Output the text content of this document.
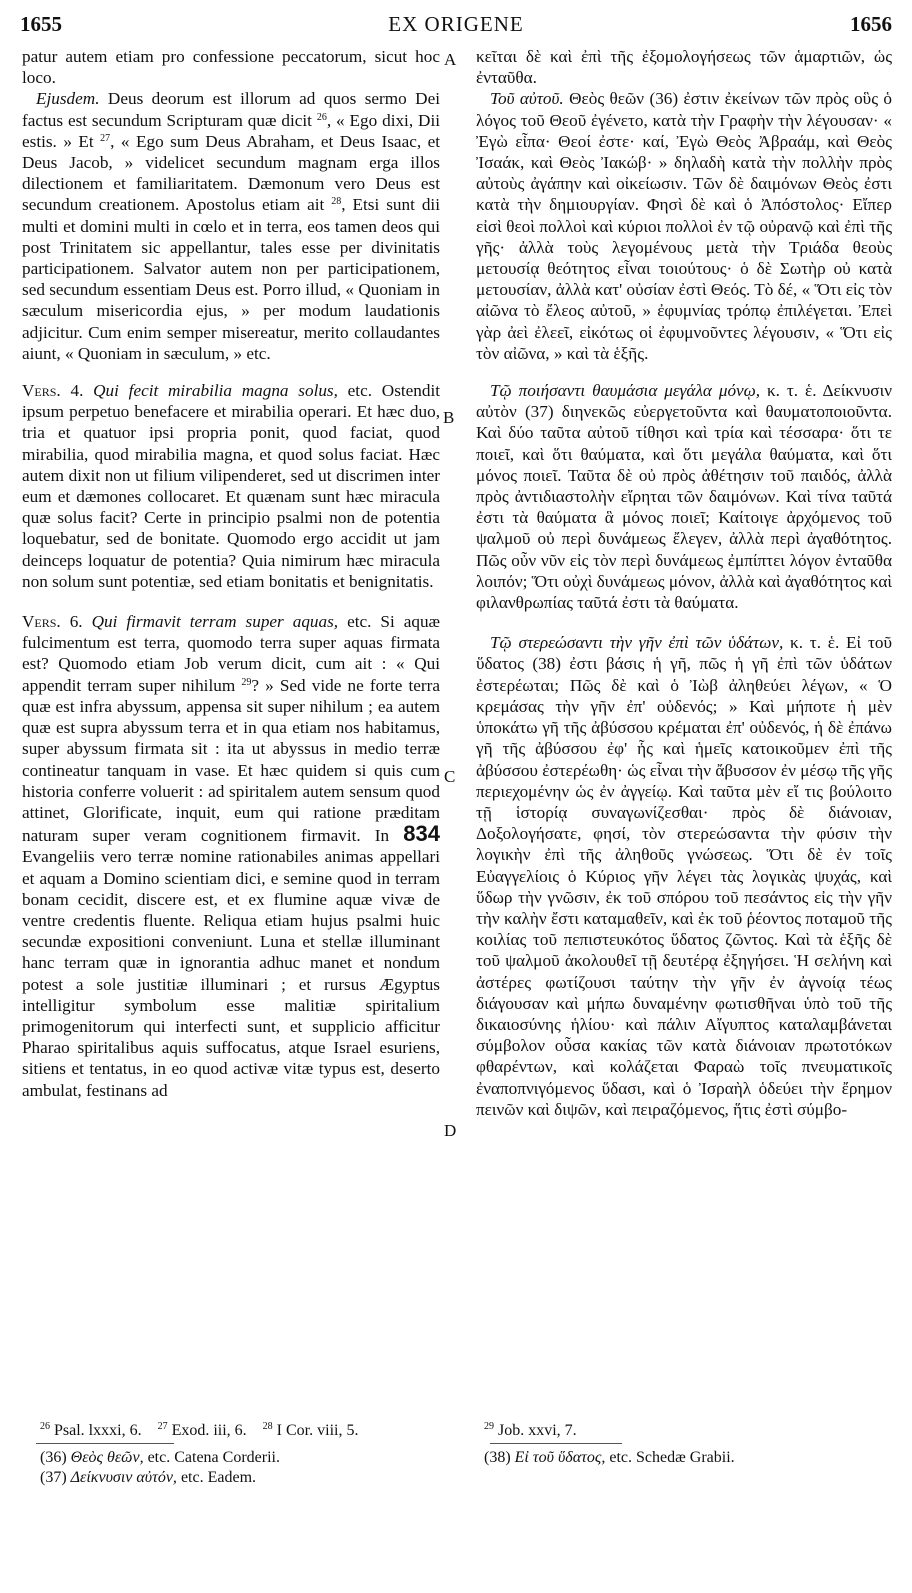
1655	EX ORIGENE	1656

patur autem etiam pro confessione peccatorum, sicut hoc loco.

Ejusdem. Deus deorum est illorum ad quos sermo Dei factus est secundum Scripturam quæ dicit $^{26}$, « Ego dixi, Dii estis. » Et $^{27}$, « Ego sum Deus Abraham, et Deus Isaac, et Deus Jacob, » videlicet secundum magnam erga illos dilectionem et familiaritatem. Dæmonum vero Deus est secundum creationem. Apostolus etiam ait $^{28}$, Etsi sunt dii multi et domini multi in cœlo et in terra, eos tamen deos qui post Trinitatem sic appellantur, tales esse per divinitatis participationem. Salvator autem non per participationem, sed secundum essentiam Deus est. Porro illud, « Quoniam in sæculum misericordia ejus, » per modum laudationis adjicitur. Cum enim semper misereatur, merito collaudantes aiunt, « Quoniam in sæculum, » etc.

Vers. 4. Qui fecit mirabilia magna solus, etc. Ostendit ipsum perpetuo benefacere et mirabilia operari. Et hæc duo, tria et quatuor ipsi propria ponit, quod faciat, quod mirabilia, quod mirabilia magna, et quod solus faciat. Hæc autem dixit non ut filium vilipenderet, sed ut discrimen inter eum et dæmones collocaret. Et quænam sunt hæc miracula quæ solus facit? Certe in principio psalmi non de potentia loquebatur, sed de bonitate. Quomodo ergo accidit ut jam deinceps loquatur de potentia? Quia nimirum hæc miracula non solum sunt potentiæ, sed etiam bonitatis et benignitatis.

Vers. 6. Qui firmavit terram super aquas, etc. Si aquæ fulcimentum est terra, quomodo terra super aquas firmata est? Quomodo etiam Job verum dicit, cum ait : « Qui appendit terram super nihilum $^{29}$? » Sed vide ne forte terra quæ est infra abyssum, appensa sit super nihilum ; ea autem quæ est supra abyssum terra et in qua etiam nos habitamus, super abyssum firmata sit : ita ut abyssus in medio terræ contineatur tanquam in vase. Et hæc quidem si quis cum historia conferre voluerit : ad spiritalem autem sensum quod attinet, Glorificate, inquit, eum qui ratione præditam naturam super veram cognitionem firmavit. In 834 Evangeliis vero terræ nomine rationabiles animas appellari et aquam a Domino scientiam dici, e semine quod in terram bonam cecidit, discere est, et ex flumine aquæ vivæ de ventre credentis fluente. Reliqua etiam hujus psalmi huic secundæ expositioni conveniunt. Luna et stellæ illuminant hanc terram quæ in ignorantia adhuc manet et nondum potest a sole justitiæ illuminari ; et rursus Ægyptus intelligitur symbolum esse malitiæ spiritalium primogenitorum qui interfecti sunt, et supplicio afficitur Pharao spiritalibus aquis suffocatus, atque Israel esuriens, sitiens et tentatus, in eo quod activæ vitæ typus est, deserto ambulat, festinans ad

κεῖται δὲ καὶ ἐπὶ τῆς ἐξομολογήσεως τῶν ἁμαρτιῶν, ὡς ἐνταῦθα.

Τοῦ αὐτοῦ. Θεὸς θεῶν (36) ἐστιν ἐκείνων τῶν πρὸς οὓς ὁ λόγος τοῦ Θεοῦ ἐγένετο, κατὰ τὴν Γραφὴν τὴν λέγουσαν· « Ἐγὼ εἶπα· Θεοί ἐστε· καί, Ἐγὼ Θεὸς Ἀβραάμ, καὶ Θεὸς Ἰσαάκ, καὶ Θεὸς Ἰακώβ· » δηλαδὴ κατὰ τὴν πολλὴν πρὸς αὐτοὺς ἀγάπην καὶ οἰκείωσιν. Τῶν δὲ δαιμόνων Θεὸς ἐστι κατὰ τὴν δημιουργίαν. Φησὶ δὲ καὶ ὁ Ἀπόστολος· Εἴπερ εἰσὶ θεοὶ πολλοὶ καὶ κύριοι πολλοὶ ἐν τῷ οὐρανῷ καὶ ἐπὶ τῆς γῆς· ἀλλὰ τοὺς λεγομένους μετὰ τὴν Τριάδα θεοὺς μετουσίᾳ θεότητος εἶναι τοιούτους· ὁ δὲ Σωτὴρ οὐ κατὰ μετουσίαν, ἀλλὰ κατ' οὐσίαν ἐστὶ Θεός. Τὸ δέ, « Ὅτι εἰς τὸν αἰῶνα τὸ ἔλεος αὐτοῦ, » ἐφυμνίας τρόπῳ ἐπιλέγεται. Ἐπεὶ γὰρ ἀεὶ ἐλεεῖ, εἰκότως οἱ ἐφυμνοῦντες λέγουσιν, « Ὅτι εἰς τὸν αἰῶνα, » καὶ τὰ ἑξῆς.

Τῷ ποιήσαντι θαυμάσια μεγάλα μόνῳ, κ. τ. ἑ. Δείκνυσιν αὐτὸν (37) διηνεκῶς εὐεργετοῦντα καὶ θαυματοποιοῦντα. Καὶ δύο ταῦτα αὐτοῦ τίθησι καὶ τρία καὶ τέσσαρα· ὅτι τε ποιεῖ, καὶ ὅτι θαύματα, καὶ ὅτι μεγάλα θαύματα, καὶ ὅτι μόνος ποιεῖ. Ταῦτα δὲ οὐ πρὸς ἀθέτησιν τοῦ παιδός, ἀλλὰ πρὸς ἀντιδιαστολὴν εἴρηται τῶν δαιμόνων. Καὶ τίνα ταῦτά ἐστι τὰ θαύματα ἃ μόνος ποιεῖ; Καίτοιγε ἀρχόμενος τοῦ ψαλμοῦ οὐ περὶ δυνάμεως ἔλεγεν, ἀλλὰ περὶ ἀγαθότητος. Πῶς οὖν νῦν εἰς τὸν περὶ δυνάμεως ἐμπίπτει λόγον ἐνταῦθα λοιπόν; Ὅτι οὐχὶ δυνάμεως μόνον, ἀλλὰ καὶ ἀγαθότητος καὶ φιλανθρωπίας ταῦτά ἐστι τὰ θαύματα.

Τῷ στερεώσαντι τὴν γῆν ἐπὶ τῶν ὑδάτων, κ. τ. ἑ. Εἰ τοῦ ὕδατος (38) ἐστι βάσις ἡ γῆ, πῶς ἡ γῆ ἐπὶ τῶν ὑδάτων ἐστερέωται; Πῶς δὲ καὶ ὁ Ἰὼβ ἀληθεύει λέγων, « Ὁ κρεμάσας τὴν γῆν ἐπ' οὐδενός; » Καὶ μήποτε ἡ μὲν ὑποκάτω γῆ τῆς ἀβύσσου κρέμαται ἐπ' οὐδενός, ἡ δὲ ἐπάνω γῆ τῆς ἀβύσσου ἐφ' ἧς καὶ ἡμεῖς κατοικοῦμεν ἐπὶ τῆς ἀβύσσου ἐστερέωθη· ὡς εἶναι τὴν ἄβυσσον ἐν μέσῳ τῆς γῆς περιεχομένην ὡς ἐν ἀγγείῳ. Καὶ ταῦτα μὲν εἴ τις βούλοιτο τῇ ἱστορίᾳ συναγωνίζεσθαι· πρὸς δὲ διάνοιαν, Δοξολογήσατε, φησί, τὸν στερεώσαντα τὴν φύσιν τὴν λογικὴν ἐπὶ τῆς ἀληθοῦς γνώσεως. Ὅτι δὲ ἐν τοῖς Εὐαγγελίοις ὁ Κύριος γῆν λέγει τὰς λογικὰς ψυχάς, καὶ ὕδωρ τὴν γνῶσιν, ἐκ τοῦ σπόρου τοῦ πεσάντος εἰς τὴν γῆν τὴν καλὴν ἔστι καταμαθεῖν, καὶ ἐκ τοῦ ῥέοντος ποταμοῦ τῆς κοιλίας τοῦ πεπιστευκότος ὕδατος ζῶντος. Καὶ τὰ ἑξῆς δὲ τοῦ ψαλμοῦ ἀκολουθεῖ τῇ δευτέρᾳ ἐξηγήσει. Ἡ σελήνη καὶ ἀστέρες φωτίζουσι ταύτην τὴν γῆν ἐν ἀγνοίᾳ τέως διάγουσαν καὶ μήπω δυναμένην φωτισθῆναι ὑπὸ τοῦ τῆς δικαιοσύνης ἡλίου· καὶ πάλιν Αἴγυπτος καταλαμβάνεται σύμβολον οὖσα κακίας τῶν κατὰ διάνοιαν πρωτοτόκων φθαρέντων, καὶ κολάζεται Φαραὼ τοῖς πνευματικοῖς ἐναποπνιγόμενος ὕδασι, καὶ ὁ Ἰσραὴλ ὁδεύει τὴν ἔρημον πεινῶν καὶ διψῶν, καὶ πειραζόμενος, ἥτις ἐστὶ σύμβο-

A
B
C
D
$^{26}$ Psal. lxxxi, 6. $^{27}$ Exod. iii, 6. $^{28}$ I Cor. viii, 5.	$^{29}$ Job. xxvi, 7.
(36) Θεὸς θεῶν, etc. Catena Corderii.
(37) Δείκνυσιν αὐτόν, etc. Eadem.
(38) Εἰ τοῦ ὕδατος, etc. Schedæ Grabii.
